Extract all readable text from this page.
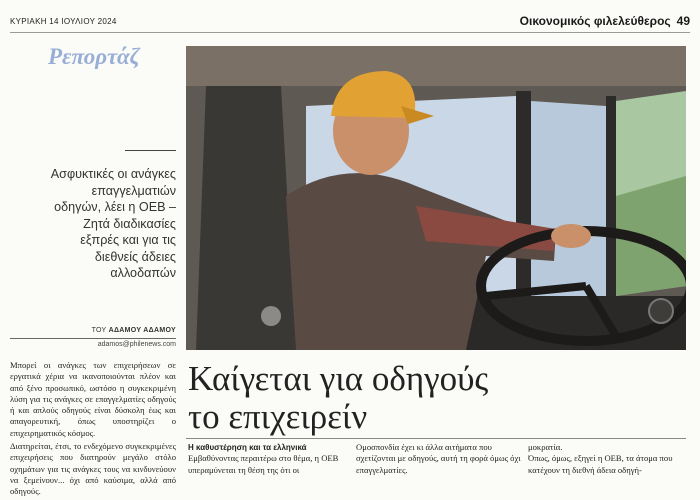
ΚΥΡΙΑΚΗ 14 ΙΟΥΛΙΟΥ 2024	Οικονομικός φιλελεύθερος 49
Ρεπορτάζ
Ασφυκτικές οι ανάγκες επαγγελματιών οδηγών, λέει η ΟΕΒ – Ζητά διαδικασίες εξπρές και για τις διεθνείς άδειες αλλοδαπών
ΤΟΥ ΑΔΑΜΟΥ ΑΔΑΜΟΥ
adamos@philenews.com

Μπορεί οι ανάγκες των επιχειρήσεων σε εργατικά χέρια να ικανοποιούνται πλέον και από ξένο προσωπικό, ωστόσο η συγκεκριμένη λύση για τις ανάγκες σε επαγγελματίες οδηγούς ή και απλούς οδηγούς είναι δύσκολη έως και απαγορευτική, όπως υποστηρίζει ο επιχειρηματικός κόσμος.

Διατηρείται, έτσι, το ενδεχόμενο συγκεκριμένες επιχειρήσεις που διατηρούν μεγάλο στόλο οχημάτων για τις ανάγκες τους να κινδυνεύουν να ξεμείνουν... όχι από καύσιμα, αλλά από οδηγούς.

Καίγεται για οδηγούς
το επιχειρείν
Η καθυστέρηση και τα ελληνικά

Εμβαθύνοντας περαιτέρω στο θέμα, η ΟΕΒ υπεραμύνεται τη θέση της ότι οι

Ομοσπονδία έχει κι άλλα αιτήματα που σχετίζονται με οδηγούς, αυτή τη φορά όμως όχι επαγγελματίες.

μοκρατία.

Όπως, όμως, εξηγεί η ΟΕΒ, τα άτομα που κατέχουν τη διεθνή άδεια οδηγή-
